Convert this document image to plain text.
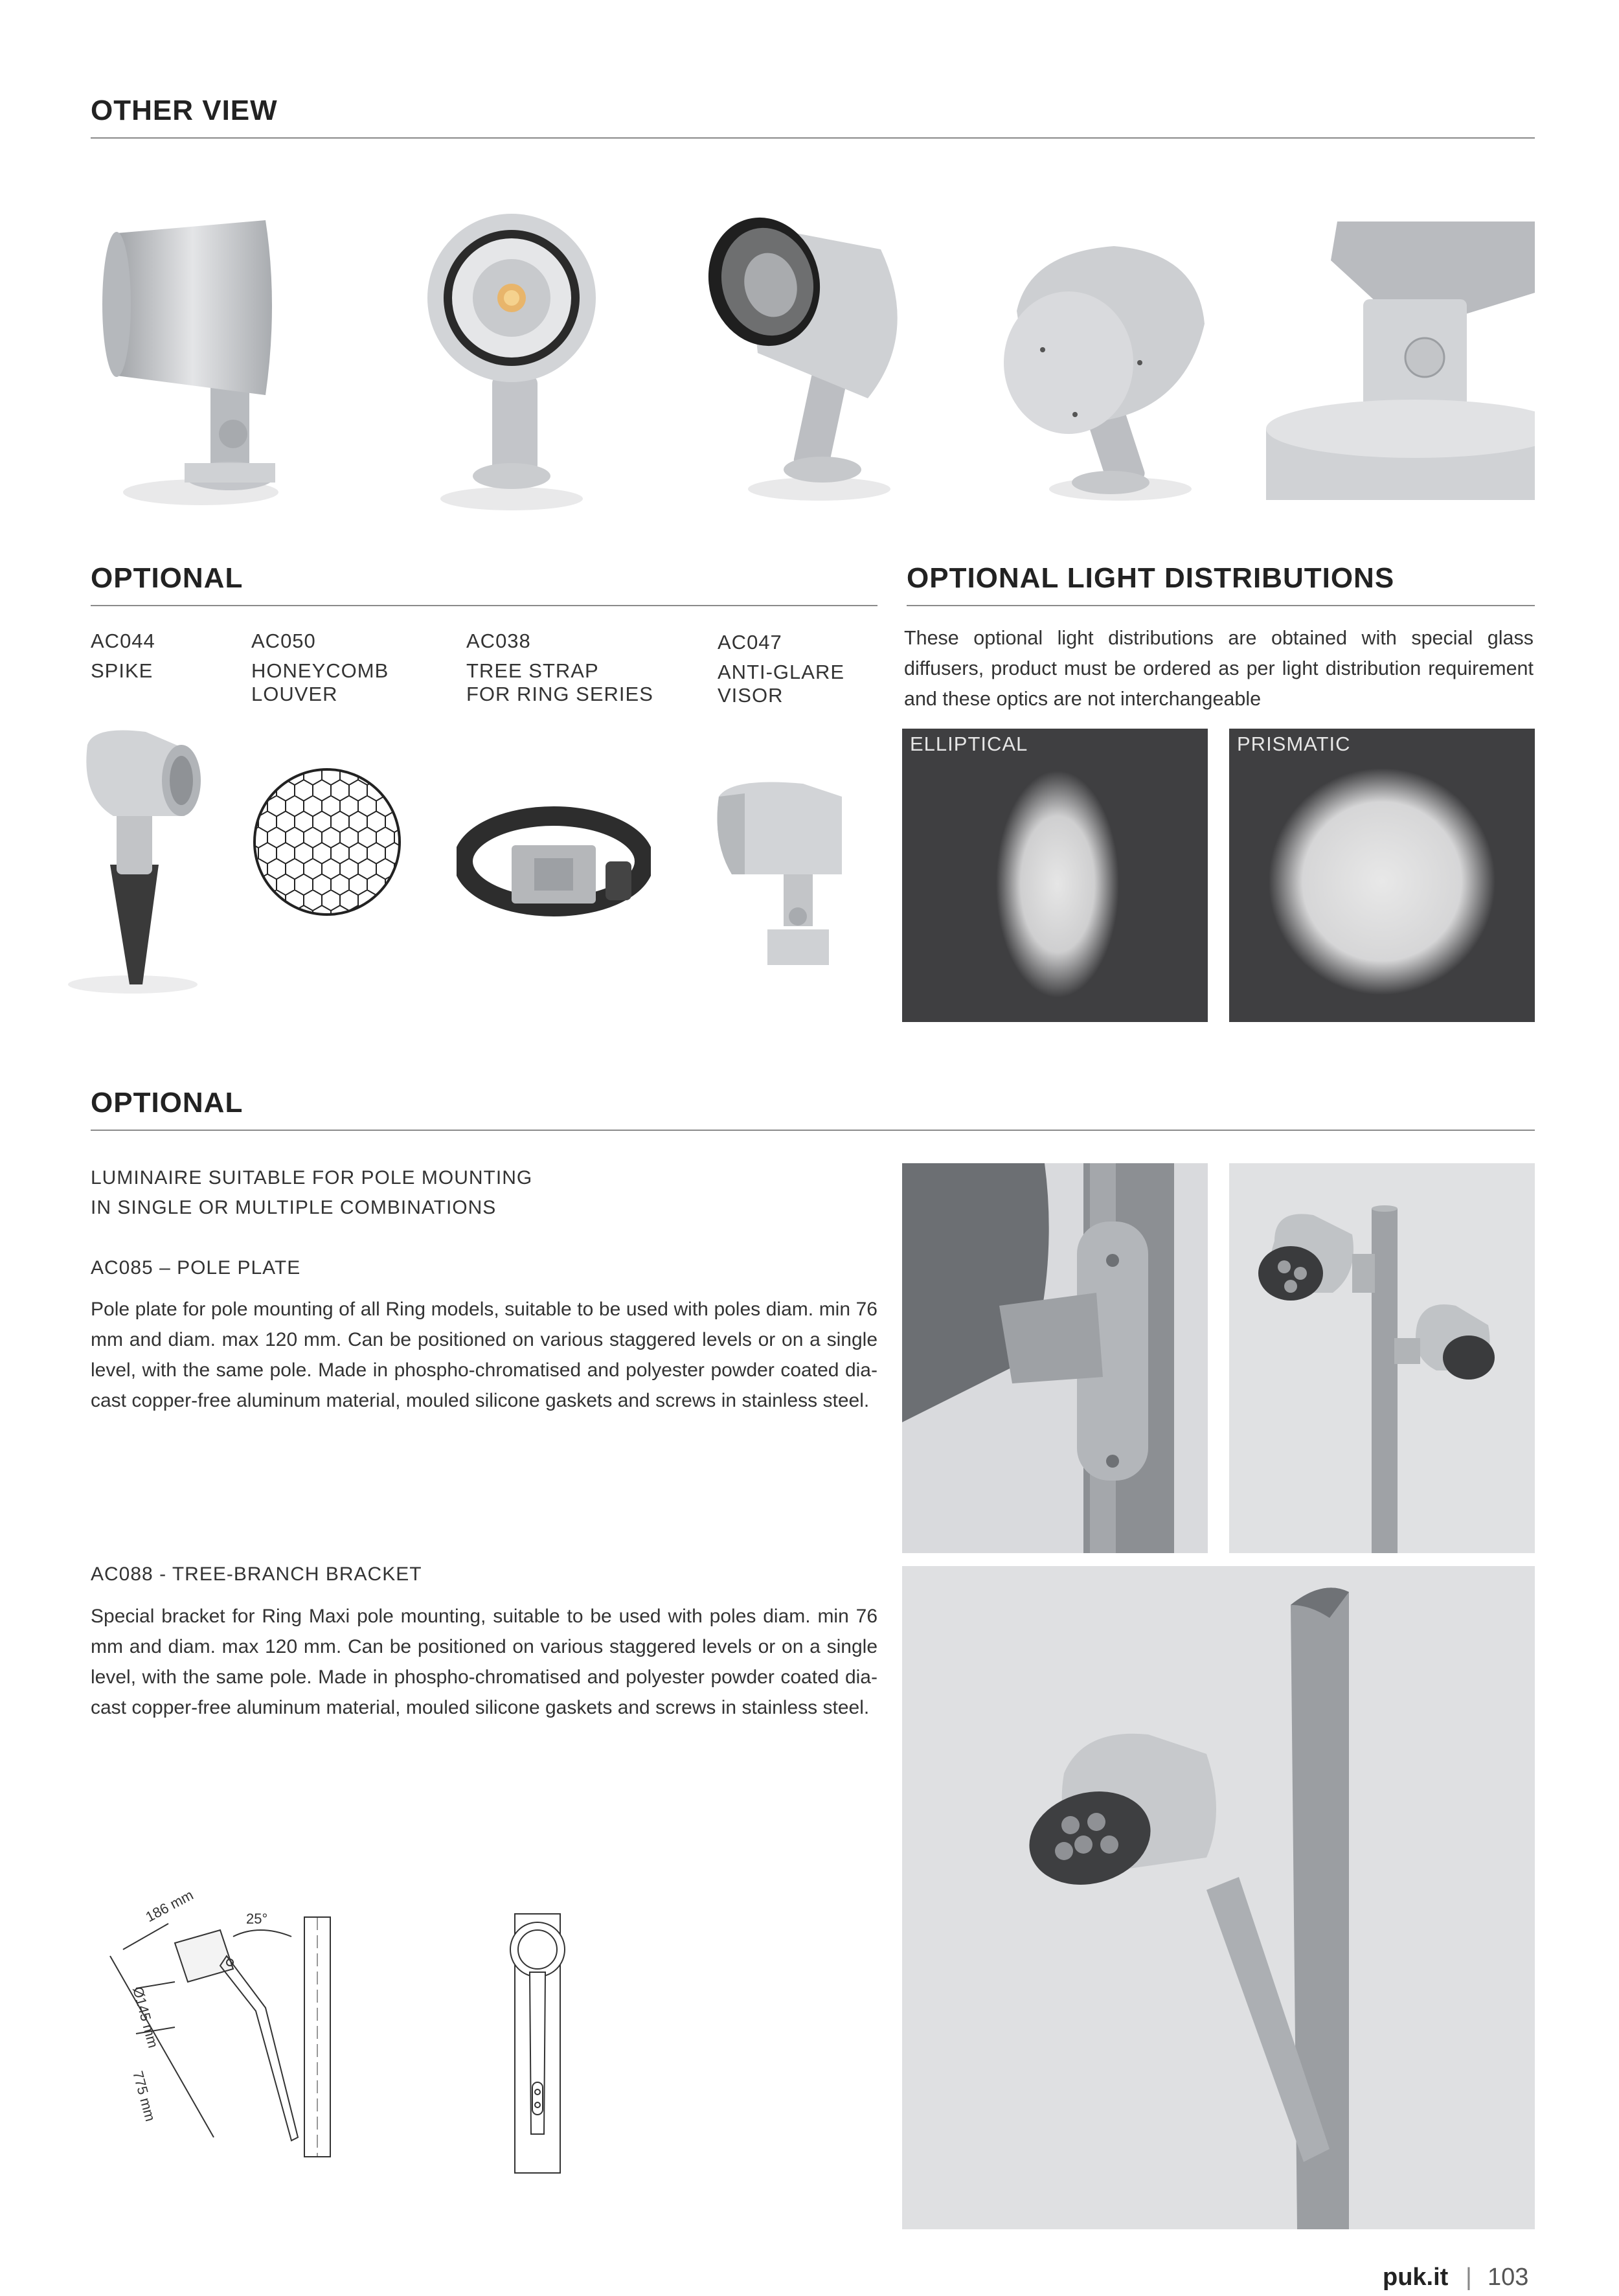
OTHER VIEW
OPTIONAL
AC044
SPIKE
AC050
HONEYCOMB
LOUVER
AC038
TREE STRAP
FOR RING SERIES
AC047
ANTI-GLARE
VISOR
OPTIONAL LIGHT DISTRIBUTIONS
These optional light distributions are obtained with special glass diffusers, product must be ordered as per light distribution requirement and these optics are not interchangeable
ELLIPTICAL	PRISMATIC
OPTIONAL
LUMINAIRE SUITABLE FOR POLE MOUNTING
IN SINGLE OR MULTIPLE COMBINATIONS
AC085 – POLE PLATE
Pole plate for pole mounting of all Ring models, suitable to be used with poles diam. min 76 mm and diam. max 120 mm. Can be positioned on various staggered levels or on a single level, with the same pole. Made in phospho-chromatised and polyester powder coated dia-cast copper-free aluminum material, mouled silicone gaskets and screws in stainless steel.
AC088 - TREE-BRANCH BRACKET
Special bracket for Ring Maxi pole mounting, suitable to be used with poles diam. min 76 mm and diam. max 120 mm. Can be positioned on various staggered levels or on a single level, with the same pole. Made in phospho-chromatised and polyester powder coated dia-cast copper-free aluminum material, mouled silicone gaskets and screws in stainless steel.
186 mm	25°
Ø145 mm
775 mm
puk.it | 103
